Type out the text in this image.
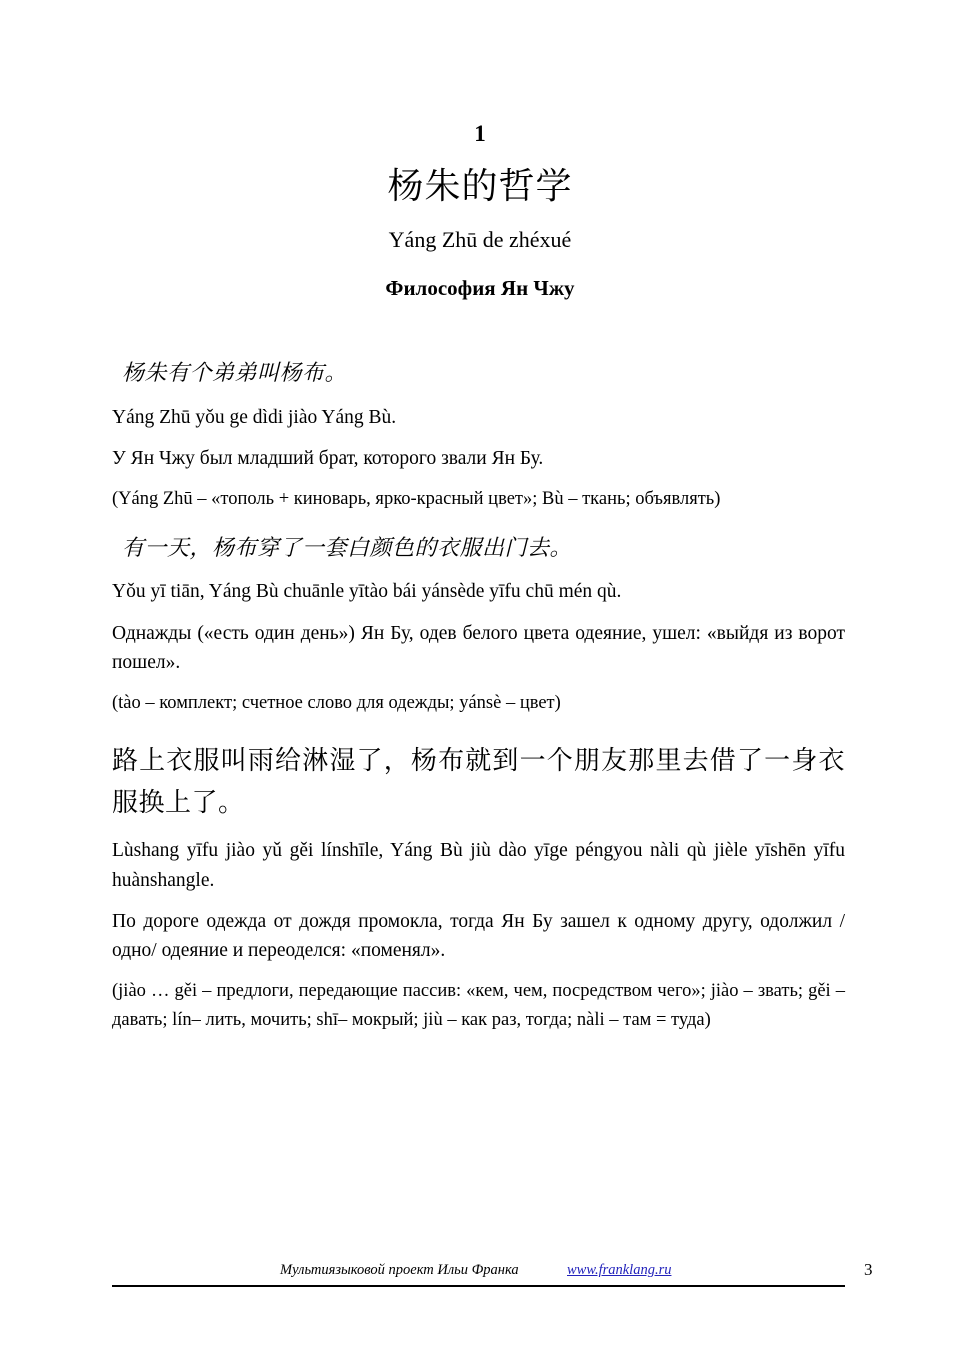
1
杨朱的哲学
Yáng Zhū de zhéxué
Философия Ян Чжу

杨朱有个弟弟叫杨布。

Yáng Zhū yǒu ge dìdi jiào Yáng Bù.

У Ян Чжу был младший брат, которого звали Ян Бу.

(Yáng Zhū – «тополь + киноварь, ярко-красный цвет»; Bù – ткань; объявлять)

有一天，杨布穿了一套白颜色的衣服出门去。

Yǒu yī tiān, Yáng Bù chuānle yītào bái yánsède yīfu chū mén qù.

Однажды («есть один день») Ян Бу, одев белого цвета одеяние, ушел: «выйдя из ворот пошел».

(tào – комплект; счетное слово для одежды; yánsè – цвет)

路上衣服叫雨给淋湿了，杨布就到一个朋友那里去借了一身衣服换上了。

Lùshang yīfu jiào yǔ gěi línshīle, Yáng Bù jiù dào yīge péngyou nàli qù jièle yīshēn yīfu huànshangle.

По дороге одежда от дождя промокла, тогда Ян Бу зашел к одному другу, одолжил /одно/ одеяние и переоделся: «поменял».

(jiào … gěi – предлоги, передающие пассив: «кем, чем, посредством чего»; jiào – звать; gěi – давать; lín– лить, мочить; shī– мокрый; jiù – как раз, тогда; nàli – там = туда)

Мультиязыковой проект Ильи Франка	www.franklang.ru	3
